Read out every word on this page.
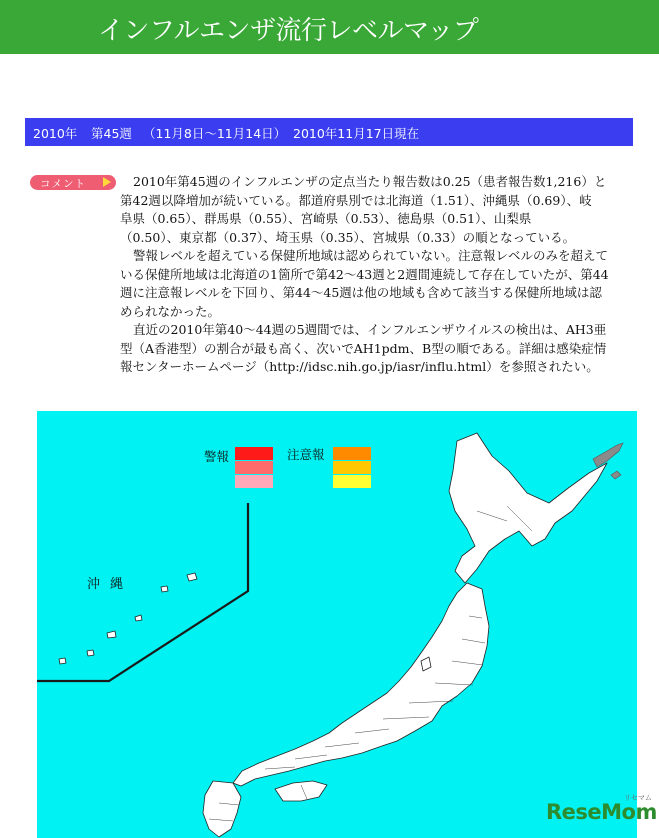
インフルエンザ流行レベルマップ
2010年 第45週 （11月8日〜11月14日） 2010年11月17日現在
コメント	2010年第45週のインフルエンザの定点当たり報告数は0.25（患者報告数1,216）と
第42週以降増加が続いている。都道府県別では北海道（1.51）、沖縄県（0.69）、岐
阜県（0.65）、群馬県（0.55）、宮崎県（0.53）、徳島県（0.51）、山梨県
（0.50）、東京都（0.37）、埼玉県（0.35）、宮城県（0.33）の順となっている。
警報レベルを超えている保健所地域は認められていない。注意報レベルのみを超えて
いる保健所地域は北海道の1箇所で第42〜43週と2週間連続して存在していたが、第44
週に注意報レベルを下回り、第44〜45週は他の地域も含めて該当する保健所地域は認
められなかった。
直近の2010年第40〜44週の5週間では、インフルエンザウイルスの検出は、AH3亜
型（A香港型）の割合が最も高く、次いでAH1pdm、B型の順である。詳細は感染症情
報センターホームページ（http://idsc.nih.go.jp/iasr/influ.html）を参照されたい。
警報	注意報
沖縄
ReseMom
リセマム
